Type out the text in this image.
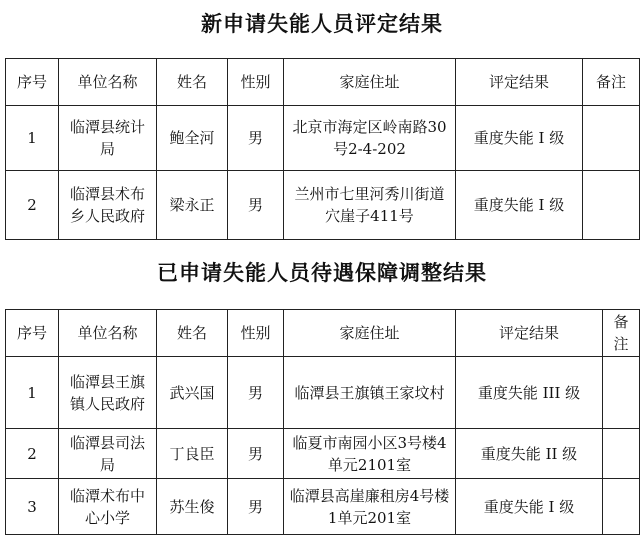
新申请失能人员评定结果
序号	单位名称	姓名	性别	家庭住址	评定结果	备注
1	临潭县统计局	鲍全河	男	北京市海定区岭南路30号2-4-202	重度失能 I 级	
2	临潭县术布乡人民政府	梁永正	男	兰州市七里河秀川街道穴崖子411号	重度失能 I 级	
已申请失能人员待遇保障调整结果
序号	单位名称	姓名	性别	家庭住址	评定结果	备注
1	临潭县王旗镇人民政府	武兴国	男	临潭县王旗镇王家坟村	重度失能 III 级	
2	临潭县司法局	丁良臣	男	临夏市南园小区3号楼4单元2101室	重度失能 II 级	
3	临潭术布中心小学	苏生俊	男	临潭县高崖廉租房4号楼1单元201室	重度失能 I 级	
